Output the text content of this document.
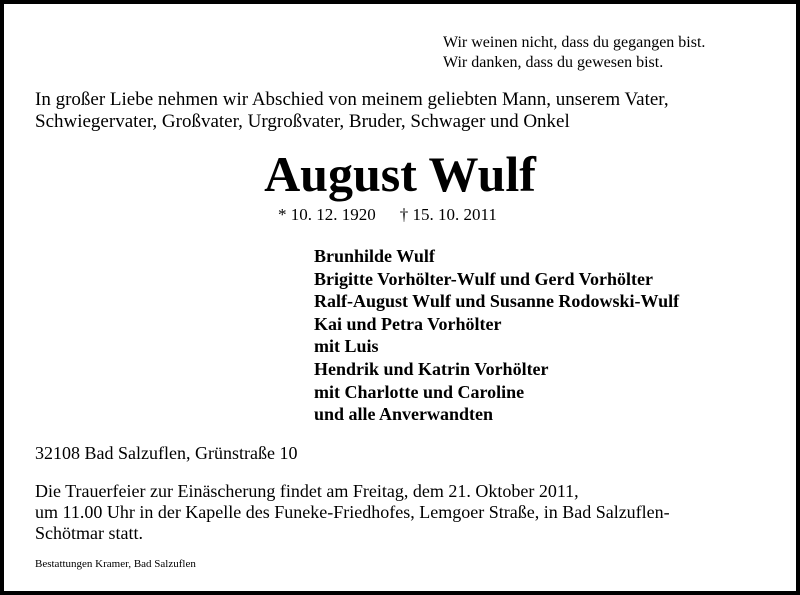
Wir weinen nicht, dass du gegangen bist.
Wir danken, dass du gewesen bist.
In großer Liebe nehmen wir Abschied von meinem geliebten Mann, unserem Vater,
Schwiegervater, Großvater, Urgroßvater, Bruder, Schwager und Onkel
August Wulf
* 10. 12. 1920 † 15. 10. 2011
Brunhilde Wulf
Brigitte Vorhölter-Wulf und Gerd Vorhölter
Ralf-August Wulf und Susanne Rodowski-Wulf
Kai und Petra Vorhölter
mit Luis
Hendrik und Katrin Vorhölter
mit Charlotte und Caroline
und alle Anverwandten
32108 Bad Salzuflen, Grünstraße 10
Die Trauerfeier zur Einäscherung findet am Freitag, dem 21. Oktober 2011,
um 11.00 Uhr in der Kapelle des Funeke-Friedhofes, Lemgoer Straße, in Bad Salzuflen-
Schötmar statt.
Bestattungen Kramer, Bad Salzuflen
